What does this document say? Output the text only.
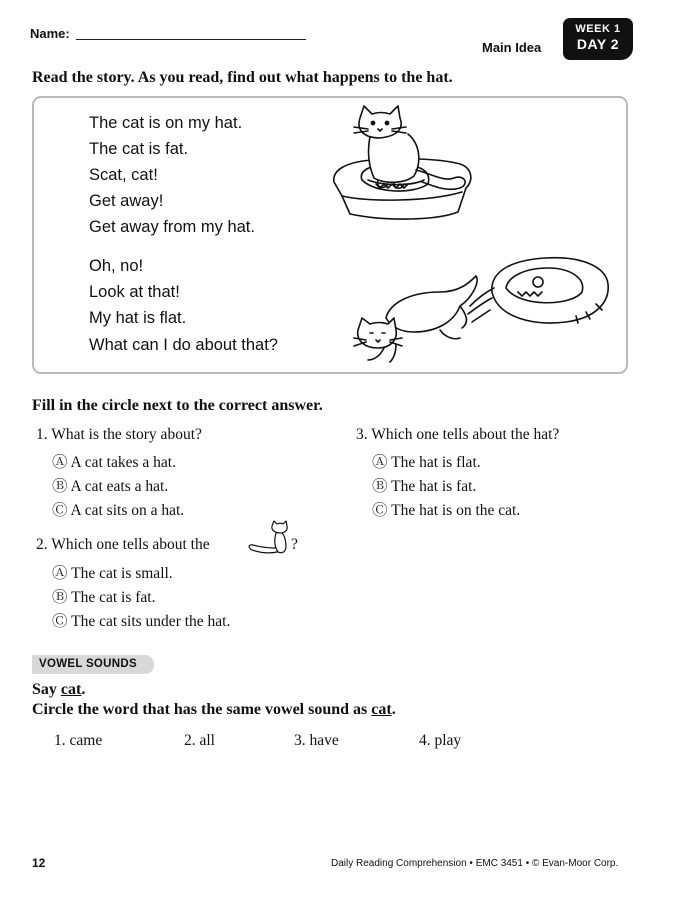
Name:
Main Idea
WEEK 1
DAY 2
Read the story. As you read, find out what happens to the hat.
The cat is on my hat.
The cat is fat.
Scat, cat!
Get away!
Get away from my hat.
Oh, no!
Look at that!
My hat is flat.
What can I do about that?
Fill in the circle next to the correct answer.
1. What is the story about?
Ⓐ A cat takes a hat.
Ⓑ A cat eats a hat.
Ⓒ A cat sits on a hat.
3. Which one tells about the hat?
Ⓐ The hat is flat.
Ⓑ The hat is fat.
Ⓒ The hat is on the cat.
2. Which one tells about the	?
Ⓐ The cat is small.
Ⓑ The cat is fat.
Ⓒ The cat sits under the hat.
VOWEL SOUNDS
Say cat.
Circle the word that has the same vowel sound as cat.
1. came	2. all	3. have	4. play
12	Daily Reading Comprehension • EMC 3451 • © Evan-Moor Corp.
